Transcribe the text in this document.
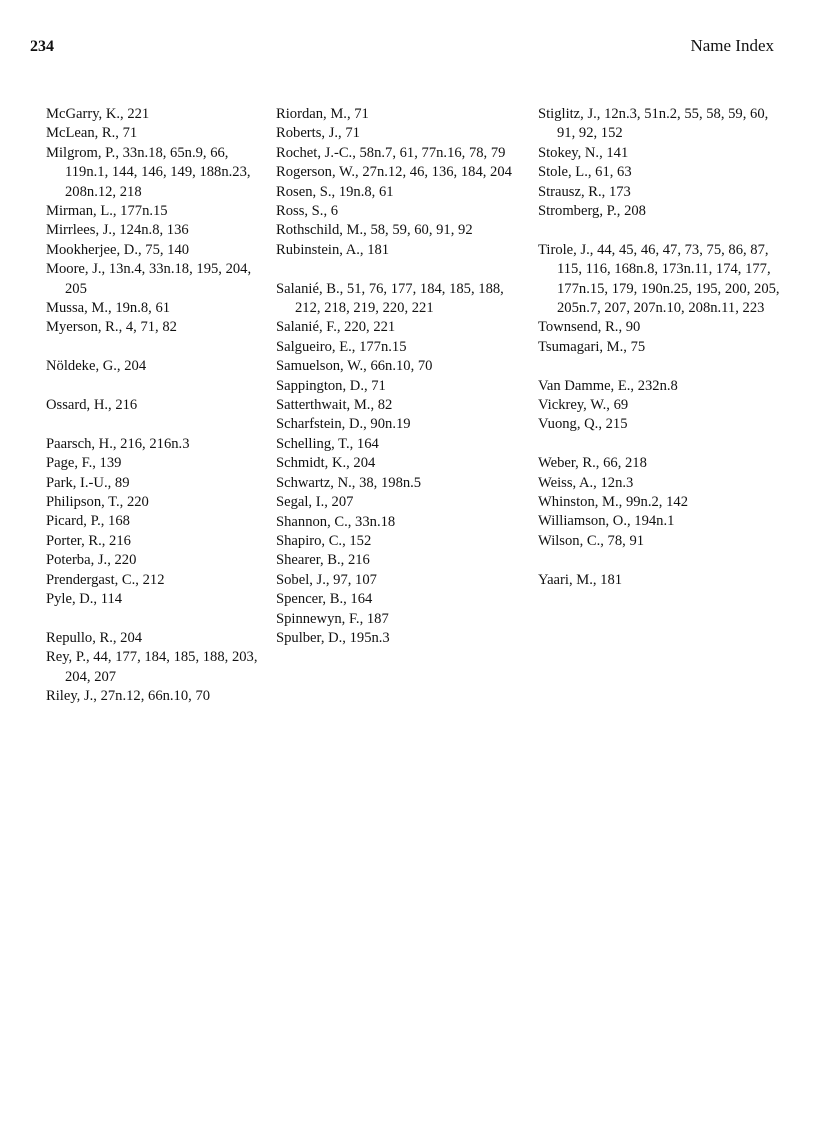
234	Name Index

McGarry, K., 221

McLean, R., 71

Milgrom, P., 33n.18, 65n.9, 66, 119n.1, 144, 146, 149, 188n.23, 208n.12, 218

Mirman, L., 177n.15

Mirrlees, J., 124n.8, 136

Mookherjee, D., 75, 140

Moore, J., 13n.4, 33n.18, 195, 204, 205

Mussa, M., 19n.8, 61

Myerson, R., 4, 71, 82

Nöldeke, G., 204

Ossard, H., 216

Paarsch, H., 216, 216n.3

Page, F., 139

Park, I.-U., 89

Philipson, T., 220

Picard, P., 168

Porter, R., 216

Poterba, J., 220

Prendergast, C., 212

Pyle, D., 114

Repullo, R., 204

Rey, P., 44, 177, 184, 185, 188, 203, 204, 207

Riley, J., 27n.12, 66n.10, 70

Riordan, M., 71

Roberts, J., 71

Rochet, J.-C., 58n.7, 61, 77n.16, 78, 79

Rogerson, W., 27n.12, 46, 136, 184, 204

Rosen, S., 19n.8, 61

Ross, S., 6

Rothschild, M., 58, 59, 60, 91, 92

Rubinstein, A., 181

Salanié, B., 51, 76, 177, 184, 185, 188, 212, 218, 219, 220, 221

Salanié, F., 220, 221

Salgueiro, E., 177n.15

Samuelson, W., 66n.10, 70

Sappington, D., 71

Satterthwait, M., 82

Scharfstein, D., 90n.19

Schelling, T., 164

Schmidt, K., 204

Schwartz, N., 38, 198n.5

Segal, I., 207

Shannon, C., 33n.18

Shapiro, C., 152

Shearer, B., 216

Sobel, J., 97, 107

Spencer, B., 164

Spinnewyn, F., 187

Spulber, D., 195n.3

Stiglitz, J., 12n.3, 51n.2, 55, 58, 59, 60, 91, 92, 152

Stokey, N., 141

Stole, L., 61, 63

Strausz, R., 173

Stromberg, P., 208

Tirole, J., 44, 45, 46, 47, 73, 75, 86, 87, 115, 116, 168n.8, 173n.11, 174, 177, 177n.15, 179, 190n.25, 195, 200, 205, 205n.7, 207, 207n.10, 208n.11, 223

Townsend, R., 90

Tsumagari, M., 75

Van Damme, E., 232n.8

Vickrey, W., 69

Vuong, Q., 215

Weber, R., 66, 218

Weiss, A., 12n.3

Whinston, M., 99n.2, 142

Williamson, O., 194n.1

Wilson, C., 78, 91

Yaari, M., 181
